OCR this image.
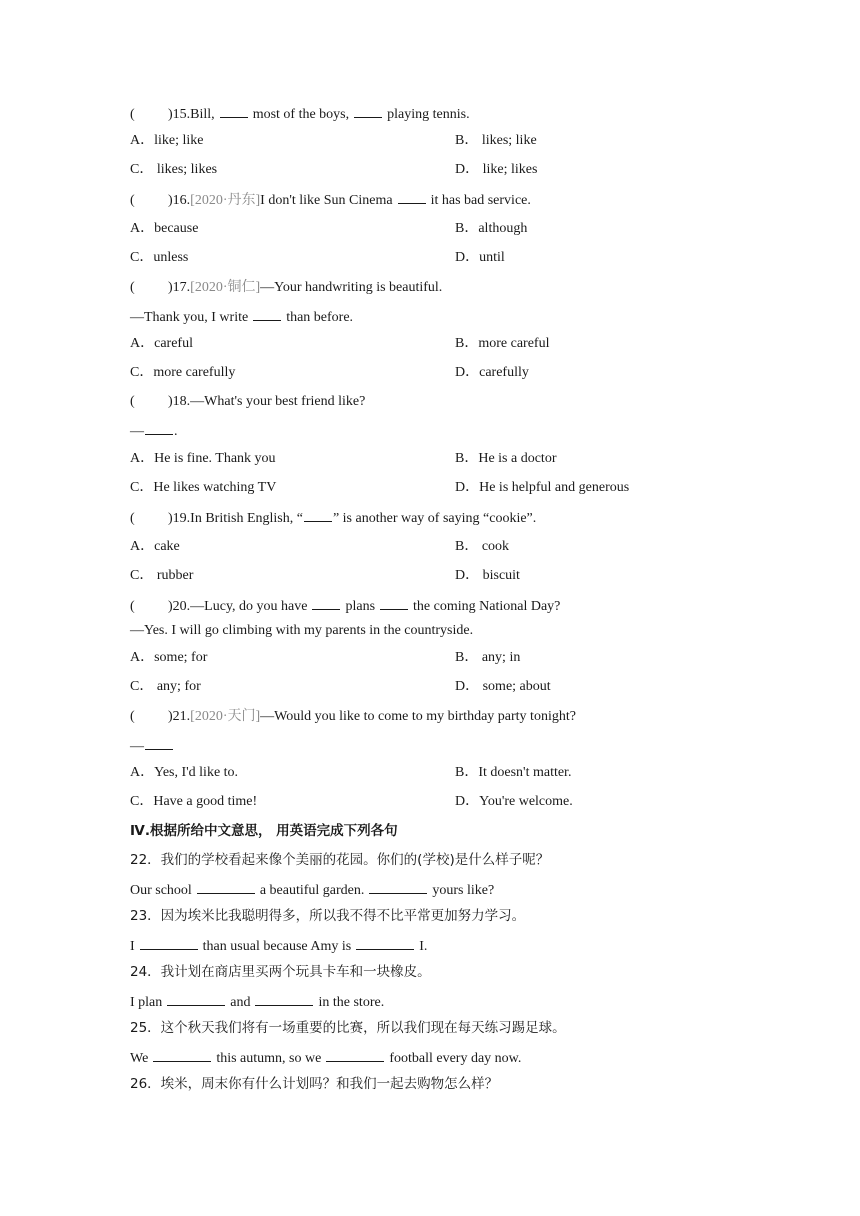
( )15.Bill,	most of the boys,	playing tennis.
A．like; like	B． likes; like
C． likes; likes	D． like; likes
( )16.[2020·丹东]I don't like Sun Cinema	it has bad service.
A．because	B．although
C．unless	D．until
( )17.[2020·铜仁]—Your handwriting is beautiful.
—Thank you, I write	than before.
A．careful	B．more careful
C．more carefully	D．carefully
( )18.—What's your best friend like?
— .
A．He is fine. Thank you	B．He is a doctor
C．He likes watching TV	D．He is helpful and generous
( )19.In British English, “ ” is another way of saying “cookie”.
A．cake	B． cook
C． rubber	D． biscuit
( )20.—Lucy, do you have	plans	the coming National Day?
—Yes. I will go climbing with my parents in the countryside.
A．some; for	B． any; in
C． any; for	D． some; about
( )21.[2020·天门]—Would you like to come to my birthday party tonight?
—
A．Yes, I'd like to.	B．It doesn't matter.
C．Have a good time!	D．You're welcome.
Ⅳ.根据所给中文意思， 用英语完成下列各句
22．我们的学校看起来像个美丽的花园。你们的(学校)是什么样子呢？
Our school	a beautiful garden.	yours like?
23．因为埃米比我聪明得多，所以我不得不比平常更加努力学习。
I	than usual because Amy is	I.
24．我计划在商店里买两个玩具卡车和一块橡皮。
I plan	and	in the store.
25．这个秋天我们将有一场重要的比赛，所以我们现在每天练习踢足球。
We	this autumn, so we	football every day now.
26．埃米，周末你有什么计划吗？和我们一起去购物怎么样？
